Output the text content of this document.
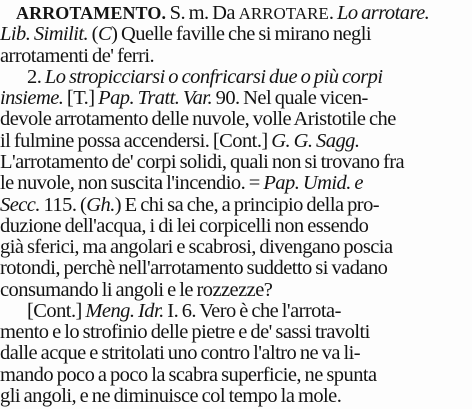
ARROTAMENTO. S. m. Da ARROTARE. Lo arrotare.
Lib. Similit. (C) Quelle faville che si mirano negli
arrotamenti de' ferri.
2. Lo stropicciarsi o confricarsi due o più corpi
insieme. [T.] Pap. Tratt. Var. 90. Nel quale vicen-
devole arrotamento delle nuvole, volle Aristotile che
il fulmine possa accendersi. [Cont.] G. G. Sagg.
L'arrotamento de' corpi solidi, quali non si trovano fra
le nuvole, non suscita l'incendio. = Pap. Umid. e
Secc. 115. (Gh.) E chi sa che, a principio della pro-
duzione dell'acqua, i di lei corpicelli non essendo
già sferici, ma angolari e scabrosi, divengano poscia
rotondi, perchè nell'arrotamento suddetto si vadano
consumando li angoli e le rozzezze?
[Cont.] Meng. Idr. I. 6. Vero è che l'arrota-
mento e lo strofinio delle pietre e de' sassi travolti
dalle acque e stritolati uno contro l'altro ne va li-
mando poco a poco la scabra superficie, ne spunta
gli angoli, e ne diminuisce col tempo la mole.
